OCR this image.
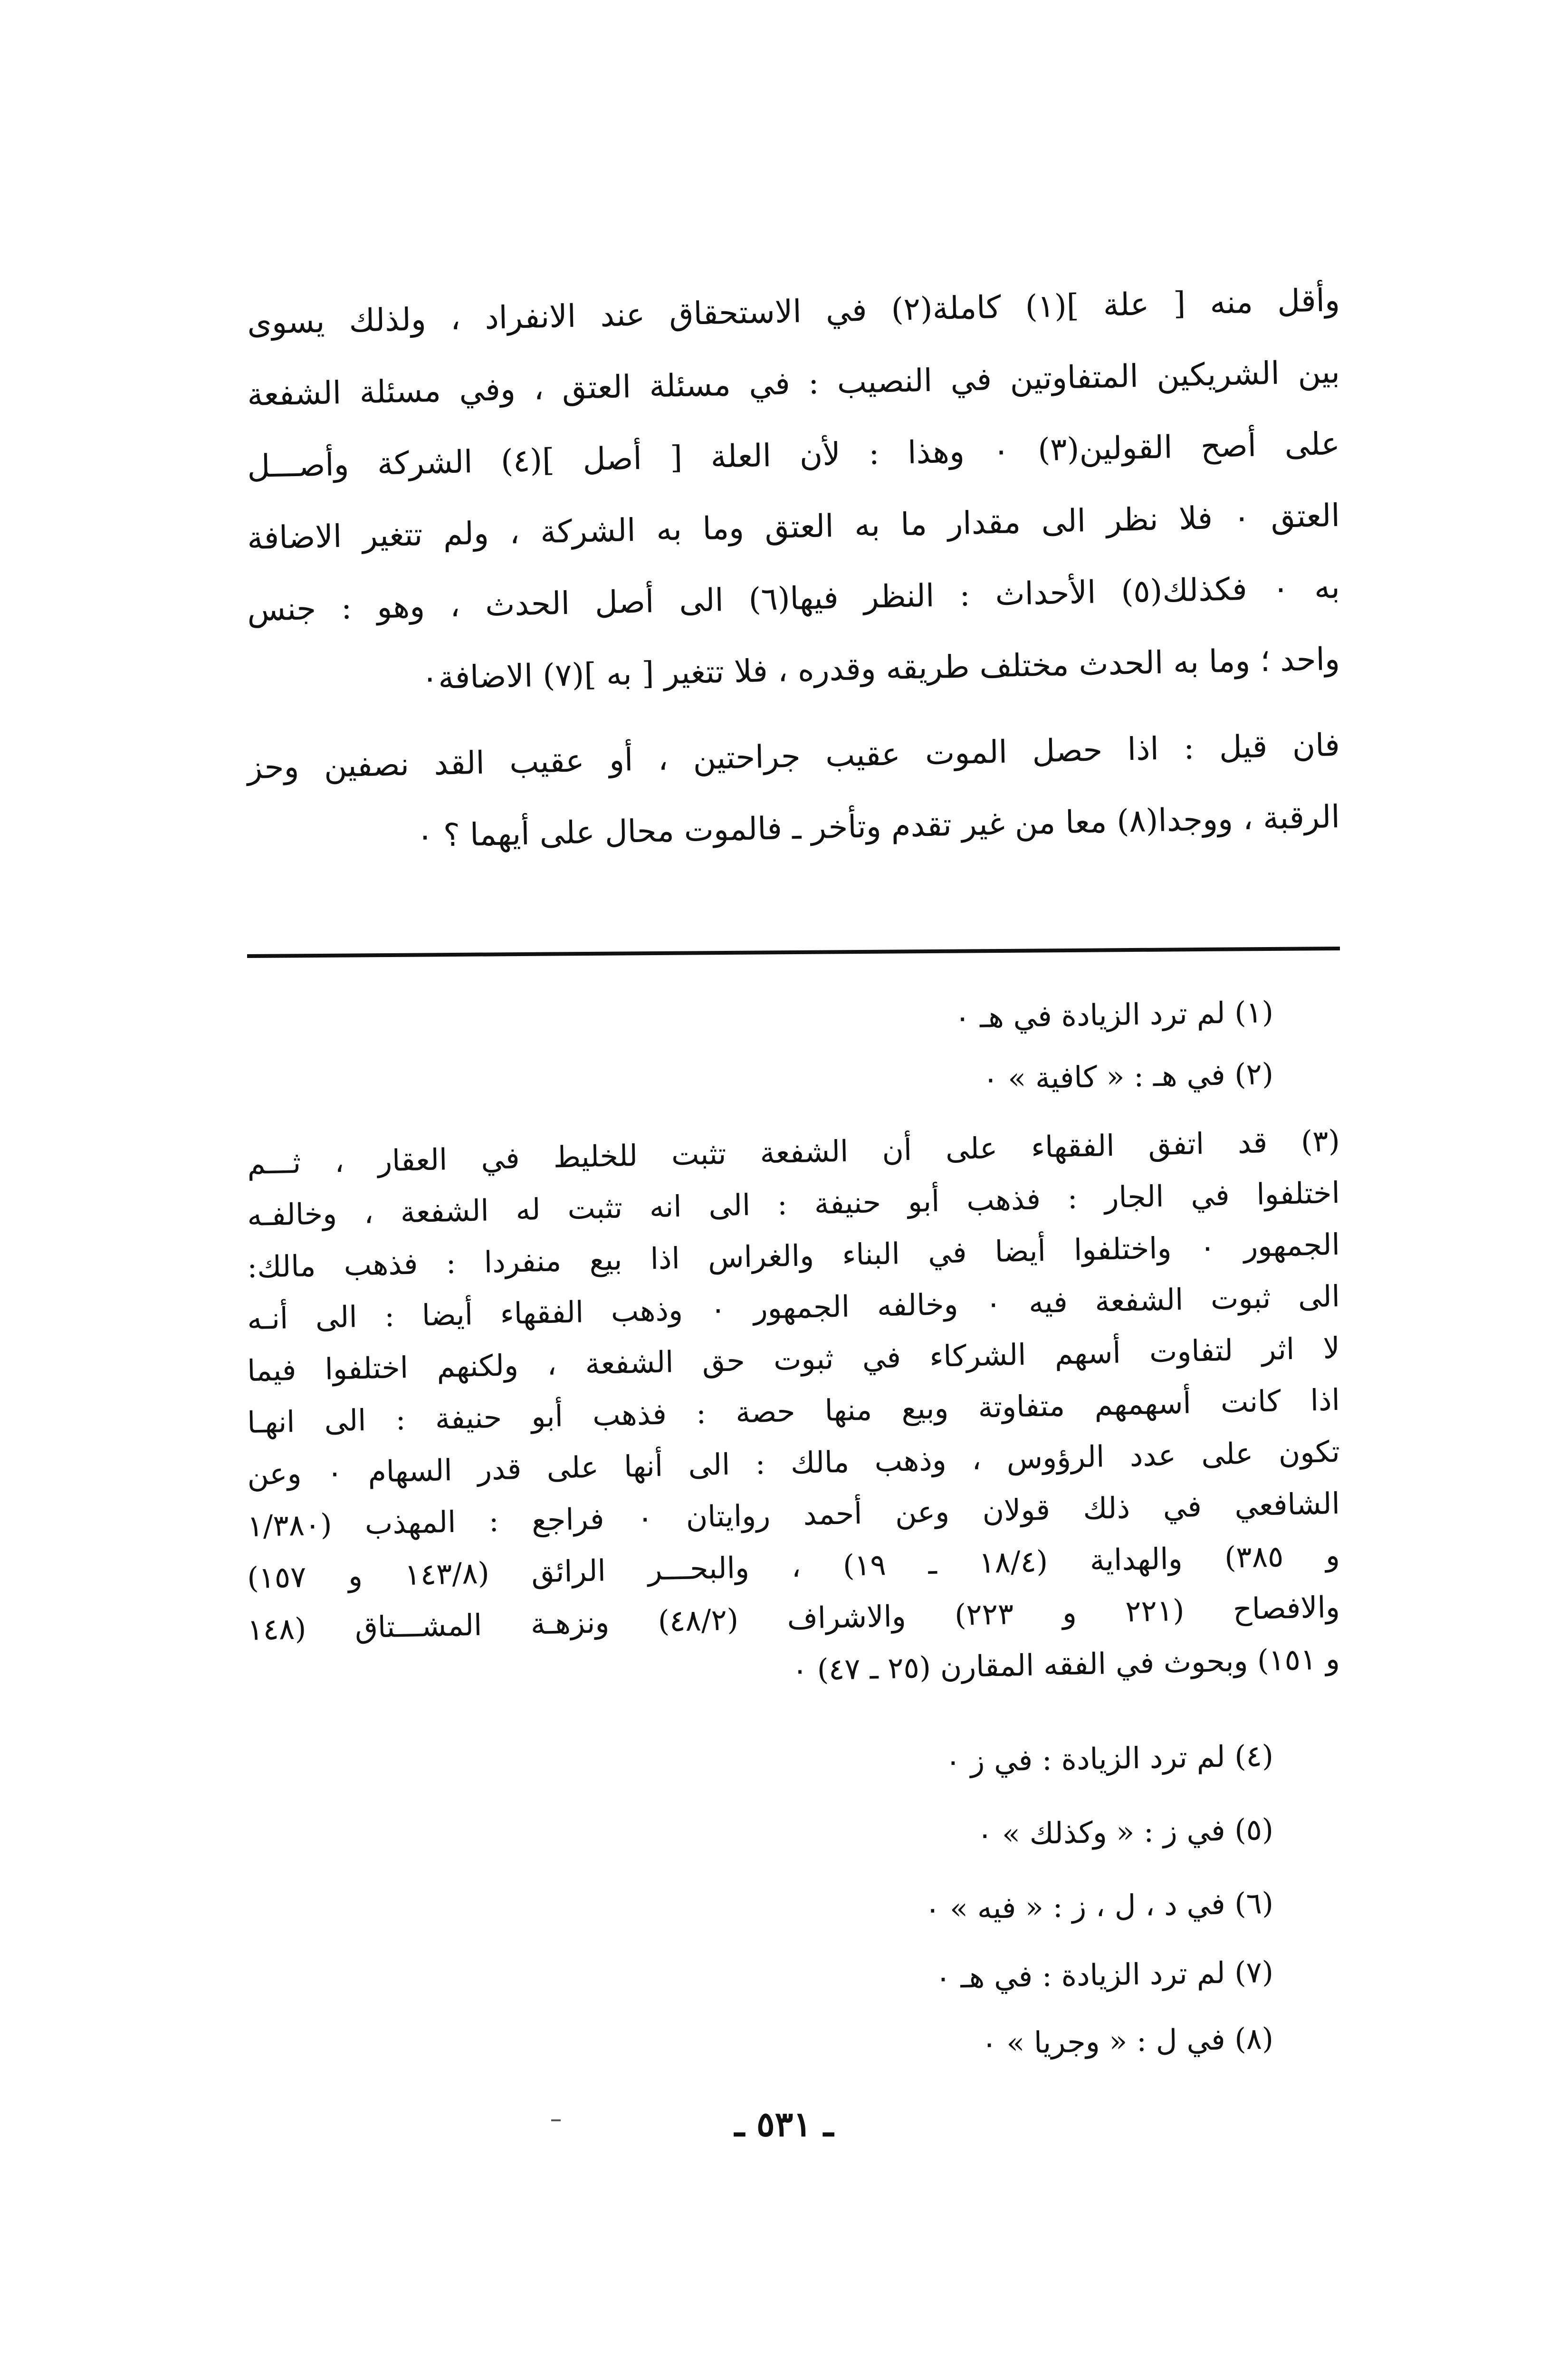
وأقل منه [ علة ](١) كاملة(٢) في الاستحقاق عند الانفراد ، ولذلك يسوى
بين الشريكين المتفاوتين في النصيب : في مسئلة العتق ، وفي مسئلة الشفعة
على أصح القولين(٣) ٠ وهذا : لأن العلة [ أصل ](٤) الشركة وأصـــل
العتق ٠ فلا نظر الى مقدار ما به العتق وما به الشركة ، ولم تتغير الاضافة
به ٠ فكذلك(٥) الأحداث : النظر فيها(٦) الى أصل الحدث ، وهو : جنس
واحد ؛ وما به الحدث مختلف طريقه وقدره ، فلا تتغير [ به ](٧) الاضافة٠
فان قيل : اذا حصل الموت عقيب جراحتين ، أو عقيب القد نصفين وحز
الرقبة ، ووجدا(٨) معا من غير تقدم وتأخر ـ فالموت محال على أيهما ؟ ٠
(١) لم ترد الزيادة في هـ ٠
(٢) في هـ : « كافية » ٠
(٣) قد اتفق الفقهاء على أن الشفعة تثبت للخليط في العقار ، ثـــم
اختلفوا في الجار : فذهب أبو حنيفة : الى انه تثبت له الشفعة ، وخالفـه
الجمهور ٠ واختلفوا أيضا في البناء والغراس اذا بيع منفردا : فذهب مالك:
الى ثبوت الشفعة فيه ٠ وخالفه الجمهور ٠ وذهب الفقهاء أيضا : الى أنـه
لا اثر لتفاوت أسهم الشركاء في ثبوت حق الشفعة ، ولكنهم اختلفوا فيما
اذا كانت أسهمهم متفاوتة وبيع منها حصة : فذهب أبو حنيفة : الى انهـا
تكون على عدد الرؤوس ، وذهب مالك : الى أنها على قدر السهام ٠ وعن
الشافعي في ذلك قولان وعن أحمد روايتان ٠ فراجع : المهذب (١/٣٨٠
و ٣٨٥) والهداية (١٨/٤ ـ ١٩) ، والبحـــر الرائق (١٤٣/٨ و ١٥٧)
والافصاح (٢٢١ و ٢٢٣) والاشراف (٤٨/٢) ونزهـة المشـــتاق (١٤٨
و ١٥١) وبحوث في الفقه المقارن (٢٥ ـ ٤٧) ٠
(٤) لم ترد الزيادة : في ز ٠
(٥) في ز : « وكذلك » ٠
(٦) في د ، ل ، ز : « فيه » ٠
(٧) لم ترد الزيادة : في هـ ٠
(٨) في ل : « وجريا » ٠
ـ ٥٣١ ـ
